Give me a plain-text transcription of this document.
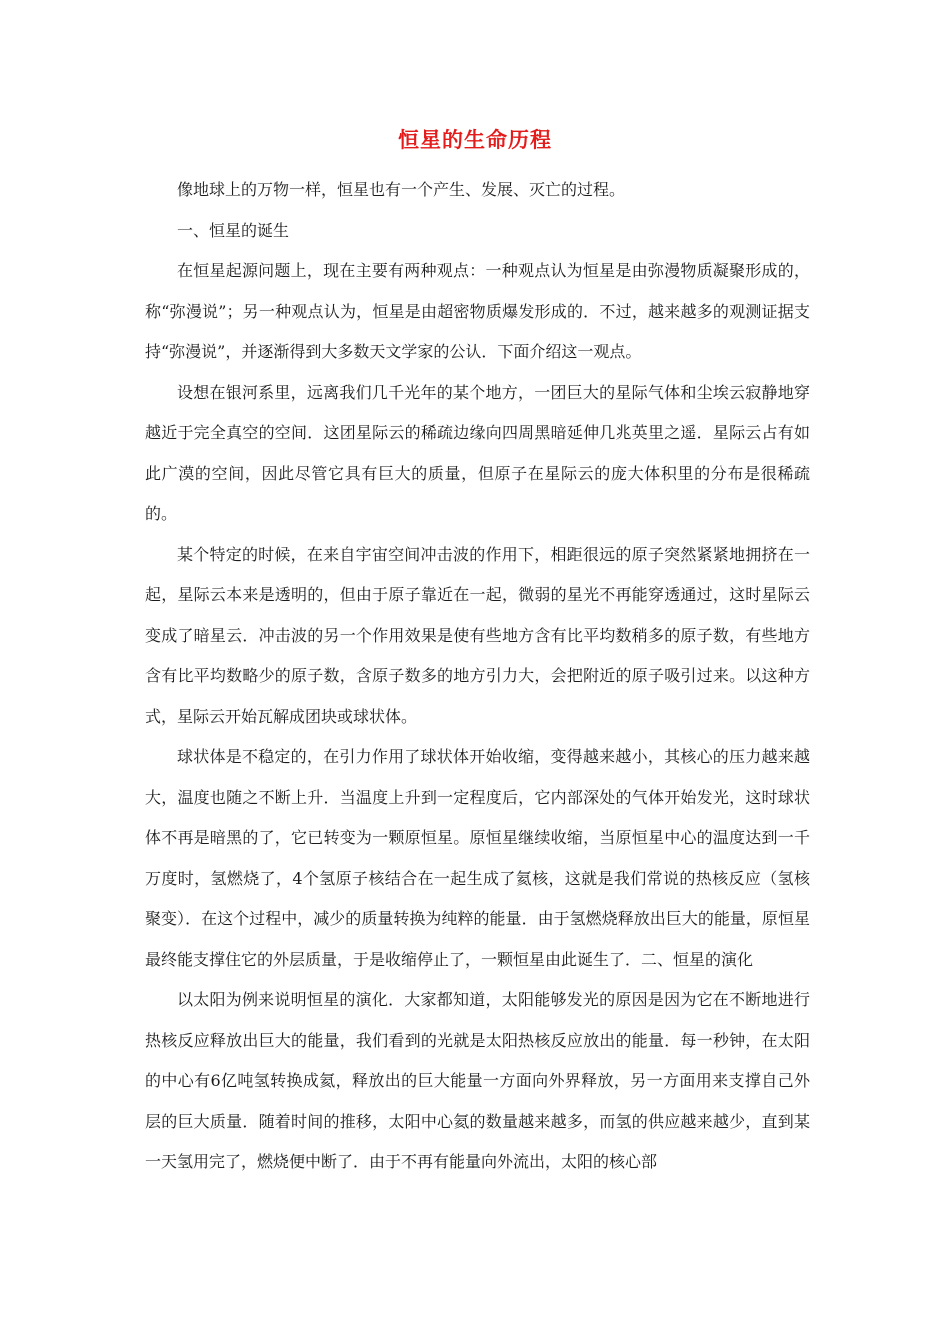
恒星的生命历程

像地球上的万物一样，恒星也有一个产生、发展、灭亡的过程。

一、恒星的诞生

在恒星起源问题上，现在主要有两种观点：一种观点认为恒星是由弥漫物质凝聚形成的，称“弥漫说”；另一种观点认为，恒星是由超密物质爆发形成的．不过，越来越多的观测证据支持“弥漫说”，并逐渐得到大多数天文学家的公认．下面介绍这一观点。

设想在银河系里，远离我们几千光年的某个地方，一团巨大的星际气体和尘埃云寂静地穿越近于完全真空的空间．这团星际云的稀疏边缘向四周黑暗延伸几兆英里之遥．星际云占有如此广漠的空间，因此尽管它具有巨大的质量，但原子在星际云的庞大体积里的分布是很稀疏的。

某个特定的时候，在来自宇宙空间冲击波的作用下，相距很远的原子突然紧紧地拥挤在一起，星际云本来是透明的，但由于原子靠近在一起，微弱的星光不再能穿透通过，这时星际云变成了暗星云．冲击波的另一个作用效果是使有些地方含有比平均数稍多的原子数，有些地方含有比平均数略少的原子数，含原子数多的地方引力大，会把附近的原子吸引过来。以这种方式，星际云开始瓦解成团块或球状体。

球状体是不稳定的，在引力作用了球状体开始收缩，变得越来越小，其核心的压力越来越大，温度也随之不断上升．当温度上升到一定程度后，它内部深处的气体开始发光，这时球状体不再是暗黑的了，它已转变为一颗原恒星。原恒星继续收缩，当原恒星中心的温度达到一千万度时，氢燃烧了，4个氢原子核结合在一起生成了氦核，这就是我们常说的热核反应（氢核聚变）．在这个过程中，减少的质量转换为纯粹的能量．由于氢燃烧释放出巨大的能量，原恒星最终能支撑住它的外层质量，于是收缩停止了，一颗恒星由此诞生了．二、恒星的演化

以太阳为例来说明恒星的演化．大家都知道，太阳能够发光的原因是因为它在不断地进行热核反应释放出巨大的能量，我们看到的光就是太阳热核反应放出的能量．每一秒钟，在太阳的中心有6亿吨氢转换成氦，释放出的巨大能量一方面向外界释放，另一方面用来支撑自己外层的巨大质量．随着时间的推移，太阳中心氦的数量越来越多，而氢的供应越来越少，直到某一天氢用完了，燃烧便中断了．由于不再有能量向外流出，太阳的核心部
